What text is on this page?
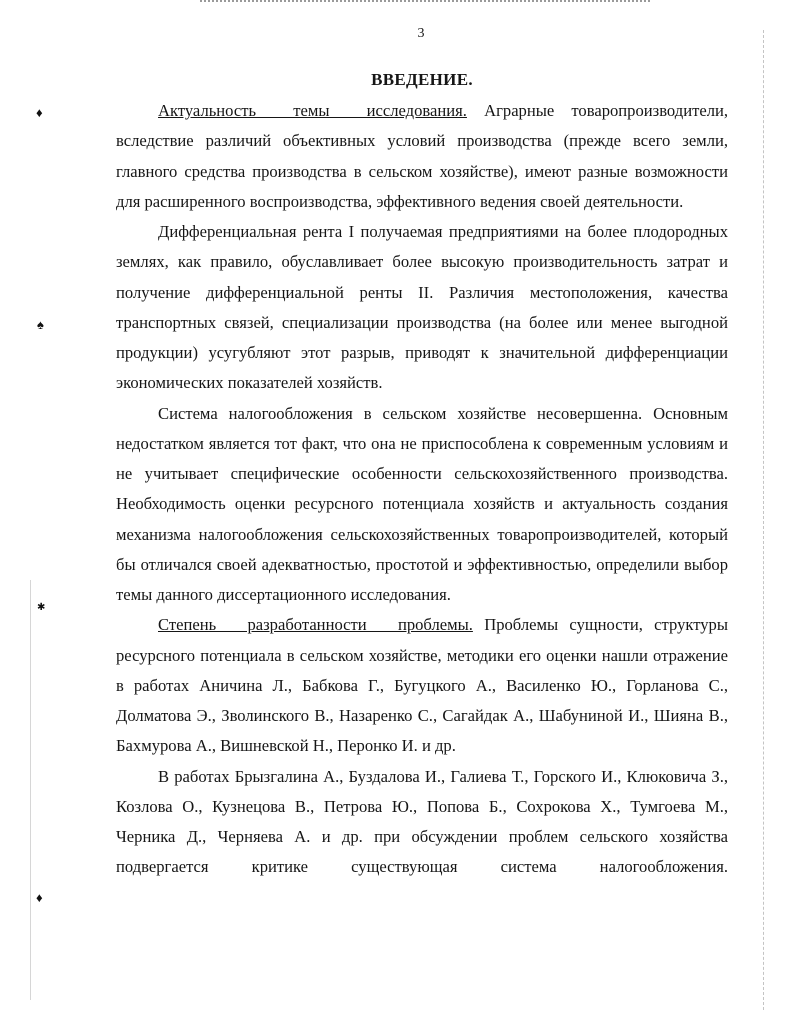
♦
♠
✱
♦
3
ВВЕДЕНИЕ.

Актуальность темы исследования. Аграрные товаропроизводители, вследствие различий объективных условий производства (прежде всего земли, главного средства производства в сельском хозяйстве), имеют разные возможности для расширенного воспроизводства, эффективного ведения своей деятельности.

Дифференциальная рента I получаемая предприятиями на более плодородных землях, как правило, обуславливает более высокую производительность затрат и получение дифференциальной ренты II. Различия местоположения, качества транспортных связей, специализации производства (на более или менее выгодной продукции) усугубляют этот разрыв, приводят к значительной дифференциации экономических показателей хозяйств.

Система налогообложения в сельском хозяйстве несовершенна. Основным недостатком является тот факт, что она не приспособлена к современным условиям и не учитывает специфические особенности сельскохозяйственного производства. Необходимость оценки ресурсного потенциала хозяйств и актуальность создания механизма налогообложения сельскохозяйственных товаропроизводителей, который бы отличался своей адекватностью, простотой и эффективностью, определили выбор темы данного диссертационного исследования.

Степень разработанности проблемы. Проблемы сущности, структуры ресурсного потенциала в сельском хозяйстве, методики его оценки нашли отражение в работах Аничина Л., Бабкова Г., Бугуцкого А., Василенко Ю., Горланова С., Долматова Э., Зволинского В., Назаренко С., Сагайдак А., Шабуниной И., Шияна В., Бахмурова А., Вишневской Н., Перонко И. и др.

В работах Брызгалина А., Буздалова И., Галиева Т., Горского И., Клюковича З., Козлова О., Кузнецова В., Петрова Ю., Попова Б., Сохрокова Х., Тумгоева М., Черника Д., Черняева А. и др. при обсуждении проблем сельского хозяйства подвергается критике существующая система налогообложения.
